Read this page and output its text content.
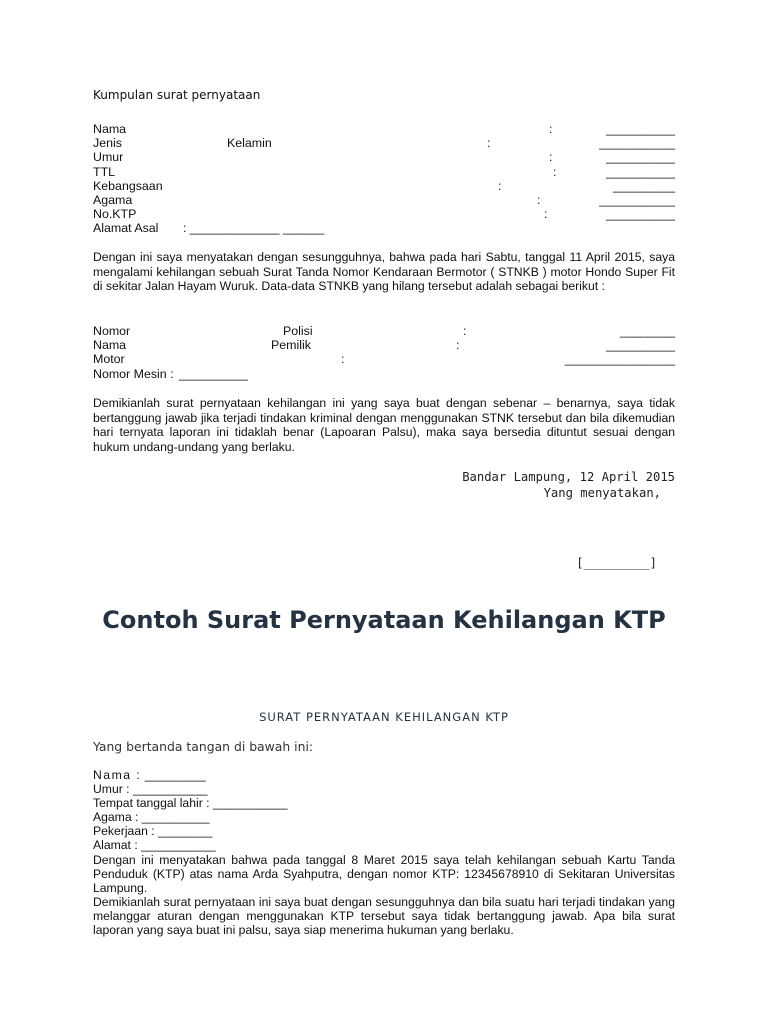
Kumpulan surat pernyataan
Nama	:	__________
Jenis	Kelamin	:	___________
Umur	:	__________
TTL	:	__________
Kebangsaan	:	_________
Agama	:	___________
No.KTP	:	__________
Alamat Asal : _____________ ______
Dengan ini saya menyatakan dengan sesungguhnya, bahwa pada hari Sabtu, tanggal 11 April 2015, saya mengalami kehilangan sebuah Surat Tanda Nomor Kendaraan Bermotor ( STNKB ) motor Hondo Super Fit di sekitar Jalan Hayam Wuruk. Data-data STNKB yang hilang tersebut adalah sebagai berikut :
Nomor	Polisi	:	________
Nama	Pemilik	:	__________
Motor	:	________________
Nomor Mesin : __________
Demikianlah surat pernyataan kehilangan ini yang saya buat dengan sebenar – benarnya, saya tidak bertanggung jawab jika terjadi tindakan kriminal dengan menggunakan STNK tersebut dan bila dikemudian hari ternyata laporan ini tidaklah benar (Lapoaran Palsu), maka saya bersedia dituntut sesuai dengan hukum undang-undang yang berlaku.
Bandar Lampung, 12 April 2015
Yang menyatakan,
[_________]
Contoh Surat Pernyataan Kehilangan KTP
SURAT PERNYATAAN KEHILANGAN KTP
Yang bertanda tangan di bawah ini:
Nama : _________
Umur : ___________
Tempat tanggal lahir : ___________
Agama : __________
Pekerjaan : ________
Alamat : ___________
Dengan ini menyatakan bahwa pada tanggal 8 Maret 2015 saya telah kehilangan sebuah Kartu Tanda Penduduk (KTP) atas nama Arda Syahputra, dengan nomor KTP: 12345678910 di Sekitaran Universitas Lampung.
Demikianlah surat pernyataan ini saya buat dengan sesungguhnya dan bila suatu hari terjadi tindakan yang melanggar aturan dengan menggunakan KTP tersebut saya tidak bertanggung jawab. Apa bila surat laporan yang saya buat ini palsu, saya siap menerima hukuman yang berlaku.
